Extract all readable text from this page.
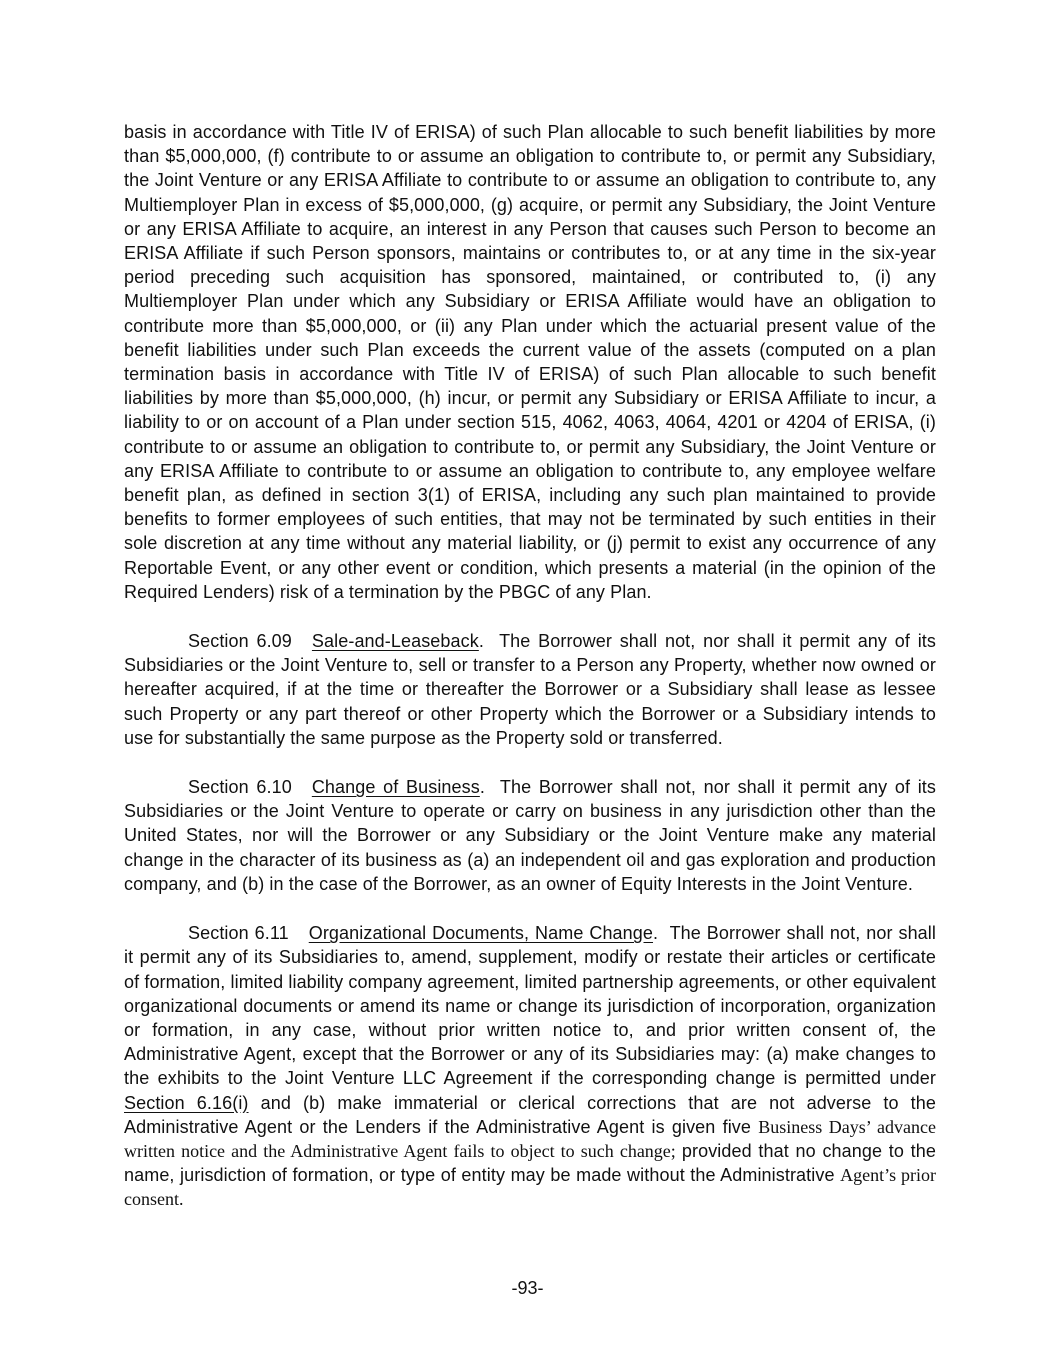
basis in accordance with Title IV of ERISA) of such Plan allocable to such benefit liabilities by more than $5,000,000, (f) contribute to or assume an obligation to contribute to, or permit any Subsidiary, the Joint Venture or any ERISA Affiliate to contribute to or assume an obligation to contribute to, any Multiemployer Plan in excess of $5,000,000, (g) acquire, or permit any Subsidiary, the Joint Venture or any ERISA Affiliate to acquire, an interest in any Person that causes such Person to become an ERISA Affiliate if such Person sponsors, maintains or contributes to, or at any time in the six-year period preceding such acquisition has sponsored, maintained, or contributed to, (i) any Multiemployer Plan under which any Subsidiary or ERISA Affiliate would have an obligation to contribute more than $5,000,000, or (ii) any Plan under which the actuarial present value of the benefit liabilities under such Plan exceeds the current value of the assets (computed on a plan termination basis in accordance with Title IV of ERISA) of such Plan allocable to such benefit liabilities by more than $5,000,000, (h) incur, or permit any Subsidiary or ERISA Affiliate to incur, a liability to or on account of a Plan under section 515, 4062, 4063, 4064, 4201 or 4204 of ERISA, (i) contribute to or assume an obligation to contribute to, or permit any Subsidiary, the Joint Venture or any ERISA Affiliate to contribute to or assume an obligation to contribute to, any employee welfare benefit plan, as defined in section 3(1) of ERISA, including any such plan maintained to provide benefits to former employees of such entities, that may not be terminated by such entities in their sole discretion at any time without any material liability, or (j) permit to exist any occurrence of any Reportable Event, or any other event or condition, which presents a material (in the opinion of the Required Lenders) risk of a termination by the PBGC of any Plan.

Section 6.09 Sale-and-Leaseback.  The Borrower shall not, nor shall it permit any of its Subsidiaries or the Joint Venture to, sell or transfer to a Person any Property, whether now owned or hereafter acquired, if at the time or thereafter the Borrower or a Subsidiary shall lease as lessee such Property or any part thereof or other Property which the Borrower or a Subsidiary intends to use for substantially the same purpose as the Property sold or transferred.

Section 6.10 Change of Business.  The Borrower shall not, nor shall it permit any of its Subsidiaries or the Joint Venture to operate or carry on business in any jurisdiction other than the United States, nor will the Borrower or any Subsidiary or the Joint Venture make any material change in the character of its business as (a) an independent oil and gas exploration and production company, and (b) in the case of the Borrower, as an owner of Equity Interests in the Joint Venture.

Section 6.11 Organizational Documents, Name Change.  The Borrower shall not, nor shall it permit any of its Subsidiaries to, amend, supplement, modify or restate their articles or certificate of formation, limited liability company agreement, limited partnership agreements, or other equivalent organizational documents or amend its name or change its jurisdiction of incorporation, organization or formation, in any case, without prior written notice to, and prior written consent of, the Administrative Agent, except that the Borrower or any of its Subsidiaries may: (a) make changes to the exhibits to the Joint Venture LLC Agreement if the corresponding change is permitted under Section 6.16(i) and (b) make immaterial or clerical corrections that are not adverse to the Administrative Agent or the Lenders if the Administrative Agent is given five Business Days’ advance written notice and the Administrative Agent fails to object to such change; provided that no change to the name, jurisdiction of formation, or type of entity may be made without the Administrative Agent’s prior consent.

-93-
